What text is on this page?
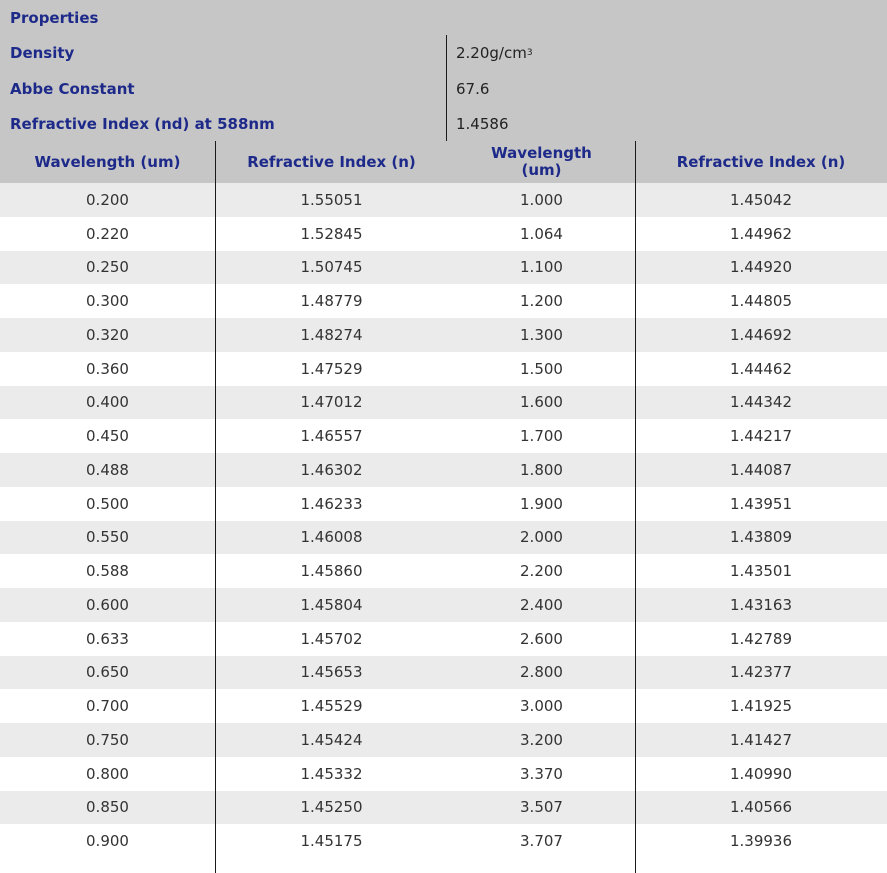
Properties
Density	2.20g/cm 3
Abbe Constant	67.6
Refractive Index (nd) at 588nm	1.4586
Wavelength (um)	Refractive Index (n)	Wavelength (um)	Refractive Index (n)
0.200	1.55051	1.000	1.45042
0.220	1.52845	1.064	1.44962
0.250	1.50745	1.100	1.44920
0.300	1.48779	1.200	1.44805
0.320	1.48274	1.300	1.44692
0.360	1.47529	1.500	1.44462
0.400	1.47012	1.600	1.44342
0.450	1.46557	1.700	1.44217
0.488	1.46302	1.800	1.44087
0.500	1.46233	1.900	1.43951
0.550	1.46008	2.000	1.43809
0.588	1.45860	2.200	1.43501
0.600	1.45804	2.400	1.43163
0.633	1.45702	2.600	1.42789
0.650	1.45653	2.800	1.42377
0.700	1.45529	3.000	1.41925
0.750	1.45424	3.200	1.41427
0.800	1.45332	3.370	1.40990
0.850	1.45250	3.507	1.40566
0.900	1.45175	3.707	1.39936
